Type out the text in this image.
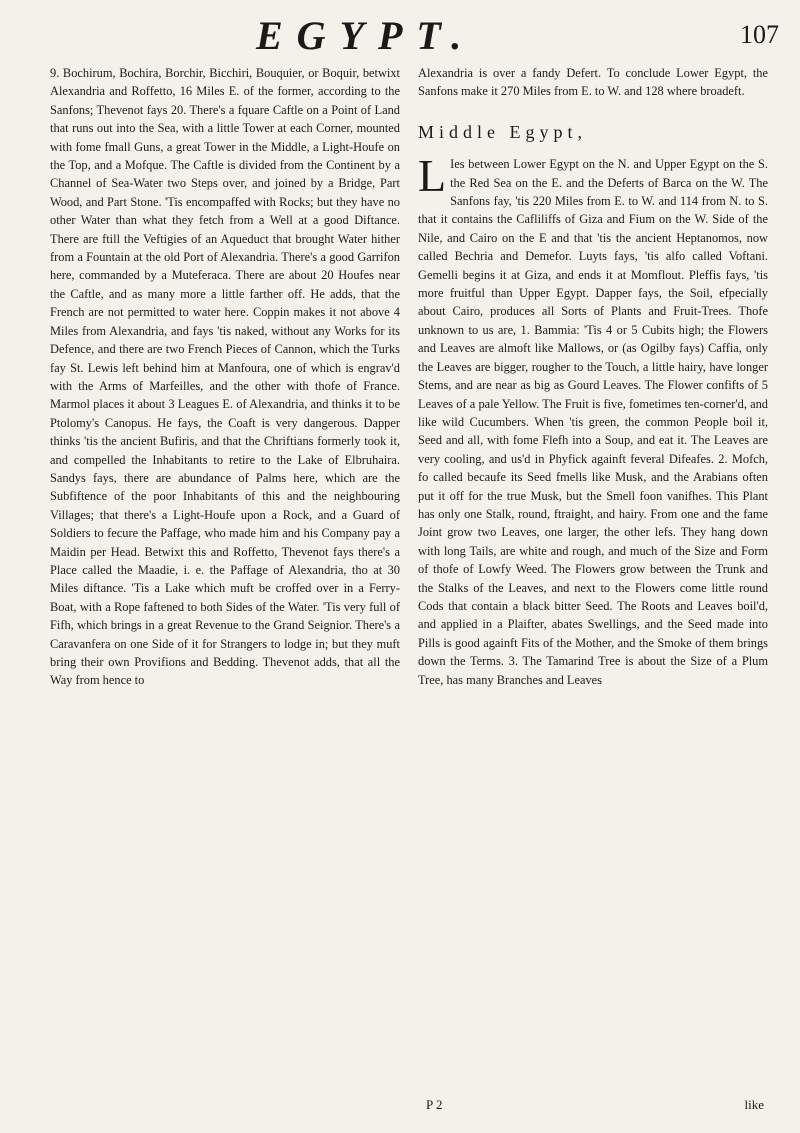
EGYPT.	107

9. Bochirum, Bochira, Borchir, Bicchiri, Bouquier, or Boquir, betwixt Alexandria and Roffetto, 16 Miles E. of the former, according to the Sanfons; Thevenot fays 20. There's a fquare Caftle on a Point of Land that runs out into the Sea, with a little Tower at each Corner, mounted with fome fmall Guns, a great Tower in the Middle, a Light-Houfe on the Top, and a Mofque. The Caftle is divided from the Continent by a Channel of Sea-Water two Steps over, and joined by a Bridge, Part Wood, and Part Stone. 'Tis encompaffed with Rocks; but they have no other Water than what they fetch from a Well at a good Diftance. There are ftill the Veftigies of an Aqueduct that brought Water hither from a Fountain at the old Port of Alexandria. There's a good Garrifon here, commanded by a Muteferaca. There are about 20 Houfes near the Caftle, and as many more a little farther off. He adds, that the French are not permitted to water here. Coppin makes it not above 4 Miles from Alexandria, and fays 'tis naked, without any Works for its Defence, and there are two French Pieces of Cannon, which the Turks fay St. Lewis left behind him at Manfoura, one of which is engrav'd with the Arms of Marfeilles, and the other with thofe of France. Marmol places it about 3 Leagues E. of Alexandria, and thinks it to be Ptolomy's Canopus. He fays, the Coaft is very dangerous. Dapper thinks 'tis the ancient Bufiris, and that the Chriftians formerly took it, and compelled the Inhabitants to retire to the Lake of Elbruhaira. Sandys fays, there are abundance of Palms here, which are the Subfiftence of the poor Inhabitants of this and the neighbouring Villages; that there's a Light-Houfe upon a Rock, and a Guard of Soldiers to fecure the Paffage, who made him and his Company pay a Maidin per Head. Betwixt this and Roffetto, Thevenot fays there's a Place called the Maadie, i. e. the Paffage of Alexandria, tho at 30 Miles diftance. 'Tis a Lake which muft be croffed over in a Ferry-Boat, with a Rope faftened to both Sides of the Water. 'Tis very full of Fifh, which brings in a great Revenue to the Grand Seignior. There's a Caravanfera on one Side of it for Strangers to lodge in; but they muft bring their own Provifions and Bedding. Thevenot adds, that all the Way from hence to

Alexandria is over a fandy Defert. To conclude Lower Egypt, the Sanfons make it 270 Miles from E. to W. and 128 where broadeft.

Middle Egypt,

L Ies between Lower Egypt on the N. and Upper Egypt on the S. the Red Sea on the E. and the Deferts of Barca on the W. The Sanfons fay, 'tis 220 Miles from E. to W. and 114 from N. to S. that it contains the Cafliliffs of Giza and Fium on the W. Side of the Nile, and Cairo on the E and that 'tis the ancient Heptanomos, now called Bechria and Demefor. Luyts fays, 'tis alfo called Voftani. Gemelli begins it at Giza, and ends it at Momflout. Pleffis fays, 'tis more fruitful than Upper Egypt. Dapper fays, the Soil, efpecially about Cairo, produces all Sorts of Plants and Fruit-Trees. Thofe unknown to us are, 1. Bammia: 'Tis 4 or 5 Cubits high; the Flowers and Leaves are almoft like Mallows, or (as Ogilby fays) Caffia, only the Leaves are bigger, rougher to the Touch, a little hairy, have longer Stems, and are near as big as Gourd Leaves. The Flower confifts of 5 Leaves of a pale Yellow. The Fruit is five, fometimes ten-corner'd, and like wild Cucumbers. When 'tis green, the common People boil it, Seed and all, with fome Flefh into a Soup, and eat it. The Leaves are very cooling, and us'd in Phyfick againft feveral Difeafes. 2. Mofch, fo called becaufe its Seed fmells like Musk, and the Arabians often put it off for the true Musk, but the Smell foon vanifhes. This Plant has only one Stalk, round, ftraight, and hairy. From one and the fame Joint grow two Leaves, one larger, the other lefs. They hang down with long Tails, are white and rough, and much of the Size and Form of thofe of Lowfy Weed. The Flowers grow between the Trunk and the Stalks of the Leaves, and next to the Flowers come little round Cods that contain a black bitter Seed. The Roots and Leaves boil'd, and applied in a Plaifter, abates Swellings, and the Seed made into Pills is good againft Fits of the Mother, and the Smoke of them brings down the Terms. 3. The Tamarind Tree is about the Size of a Plum Tree, has many Branches and Leaves

P 2	like
